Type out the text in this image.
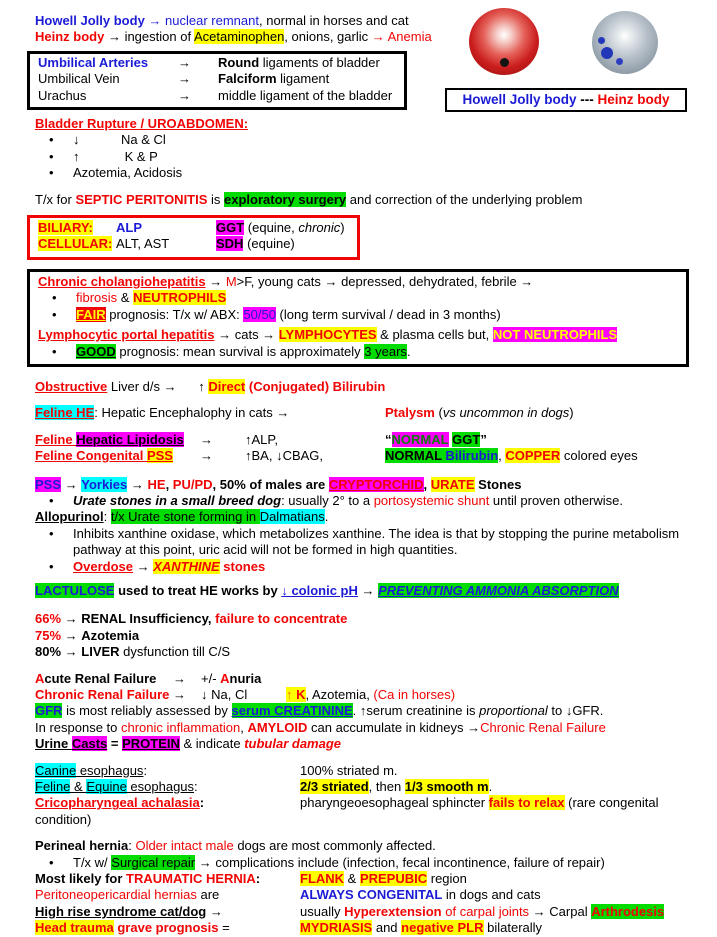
Howell Jolly body → nuclear remnant, normal in horses and cat
Heinz body → ingestion of Acetaminophen, onions, garlic → Anemia
Umbilical Arteries → Round ligaments of bladder
Umbilical Vein	→ Falciform ligament
Urachus	→ middle ligament of the bladder
Bladder Rupture / UROABDOMEN:
• ↓	Na & Cl
• ↑	K & P
• Azotemia, Acidosis
T/x for SEPTIC PERITONITIS is exploratory surgery and correction of the underlying problem
BILIARY: ALP	GGT (equine, chronic)
CELLULAR: ALT, AST	SDH (equine)
Chronic cholangiohepatitis → M>F, young cats → depressed, dehydrated, febrile →
• fibrosis & NEUTROPHILS
• FAIR prognosis: T/x w/ ABX: 50/50 (long term survival / dead in 3 months)
Lymphocytic portal hepatitis → cats → LYMPHOCYTES & plasma cells but, NOT NEUTROPHILS
• GOOD prognosis: mean survival is approximately 3 years.
Obstructive Liver d/s →      ↑ Direct (Conjugated) Bilirubin
Feline HE: Hepatic Encephalophy in cats →	Ptalysm (vs uncommon in dogs)
Feline Hepatic Lipidosis → ↑ALP,	“NORMAL GGT”
Feline Congenital PSS → ↑BA, ↓CBAG,	NORMAL Bilirubin, COPPER colored eyes
PSS → Yorkies → HE, PU/PD, 50% of males are CRYPTORCHID, URATE Stones
• Urate stones in a small breed dog: usually 2° to a portosystemic shunt until proven otherwise.
Allopurinol: t/x Urate stone forming in Dalmatians.
• Inhibits xanthine oxidase, which metabolizes xanthine. The idea is that by stopping the purine metabolism
pathway at this point, uric acid will not be formed in high quantities.
• Overdose → XANTHINE stones
LACTULOSE used to treat HE works by ↓ colonic pH → PREVENTING AMMONIA ABSORPTION
66% → RENAL Insufficiency, failure to concentrate
75% → Azotemia
80% → LIVER dysfunction till C/S
Acute Renal Failure → +/- Anuria
Chronic Renal Failure → ↓ Na, Cl	↑ K, Azotemia, (Ca in horses)
GFR is most reliably assessed by serum CREATININE. ↑serum creatinine is proportional to ↓GFR.
In response to chronic inflammation, AMYLOID can accumulate in kidneys →Chronic Renal Failure
Urine Casts = PROTEIN & indicate tubular damage
Canine esophagus:	100% striated m.
Feline & Equine esophagus:	2/3 striated, then 1/3 smooth m.
Cricopharyngeal achalasia:	pharyngeoesophageal sphincter fails to relax (rare congenital condition)
Perineal hernia: Older intact male dogs are most commonly affected.
• T/x w/ Surgical repair → complications include (infection, fecal incontinence, failure of repair)
Most likely for TRAUMATIC HERNIA:	FLANK & PREPUBIC region
Peritoneopericardial hernias are	ALWAYS CONGENITAL in dogs and cats
High rise syndrome cat/dog →	usually Hyperextension of carpal joints → Carpal Arthrodesis
Head trauma grave prognosis =	MYDRIASIS and negative PLR bilaterally
Howell Jolly body --- Heinz body
